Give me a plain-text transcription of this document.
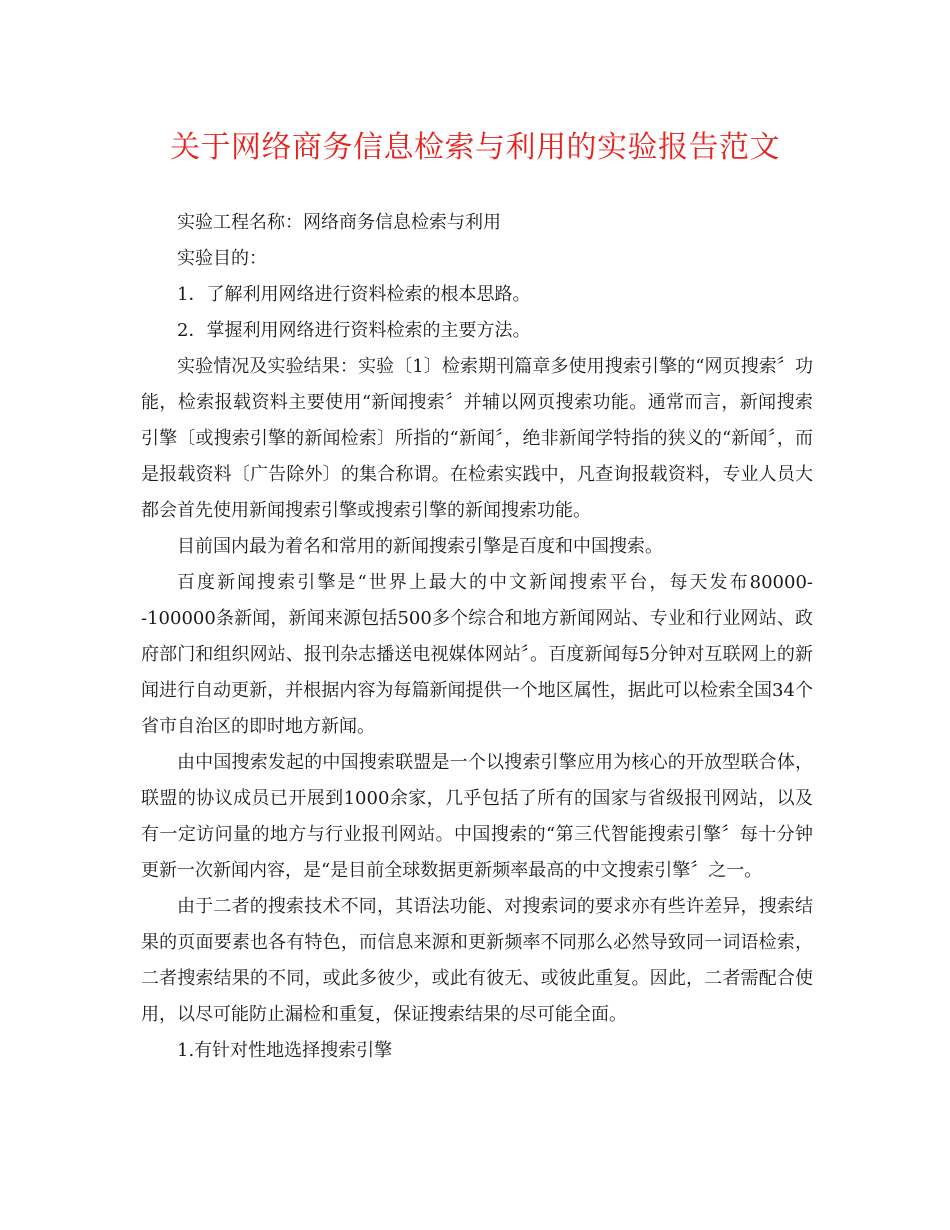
关于网络商务信息检索与利用的实验报告范文

实验工程名称：网络商务信息检索与利用

实验目的：

1．了解利用网络进行资料检索的根本思路。

2．掌握利用网络进行资料检索的主要方法。

实验情况及实验结果：实验〔1〕检索期刊篇章多使用搜索引擎的“网页搜索〞功能，检索报载资料主要使用“新闻搜索〞并辅以网页搜索功能。通常而言，新闻搜索引擎〔或搜索引擎的新闻检索〕所指的“新闻〞，绝非新闻学特指的狭义的“新闻〞，而是报载资料〔广告除外〕的集合称谓。在检索实践中，凡查询报载资料，专业人员大都会首先使用新闻搜索引擎或搜索引擎的新闻搜索功能。

目前国内最为着名和常用的新闻搜索引擎是百度和中国搜索。

百度新闻搜索引擎是“世界上最大的中文新闻搜索平台，每天发布80000--100000条新闻，新闻来源包括500多个综合和地方新闻网站、专业和行业网站、政府部门和组织网站、报刊杂志播送电视媒体网站〞。百度新闻每5分钟对互联网上的新闻进行自动更新，并根据内容为每篇新闻提供一个地区属性，据此可以检索全国34个省市自治区的即时地方新闻。

由中国搜索发起的中国搜索联盟是一个以搜索引擎应用为核心的开放型联合体，联盟的协议成员已开展到1000余家，几乎包括了所有的国家与省级报刊网站，以及有一定访问量的地方与行业报刊网站。中国搜索的“第三代智能搜索引擎〞每十分钟更新一次新闻内容，是“是目前全球数据更新频率最高的中文搜索引擎〞之一。

由于二者的搜索技术不同，其语法功能、对搜索词的要求亦有些许差异，搜索结果的页面要素也各有特色，而信息来源和更新频率不同那么必然导致同一词语检索，二者搜索结果的不同，或此多彼少，或此有彼无、或彼此重复。因此，二者需配合使用，以尽可能防止漏检和重复，保证搜索结果的尽可能全面。

1.有针对性地选择搜索引擎
